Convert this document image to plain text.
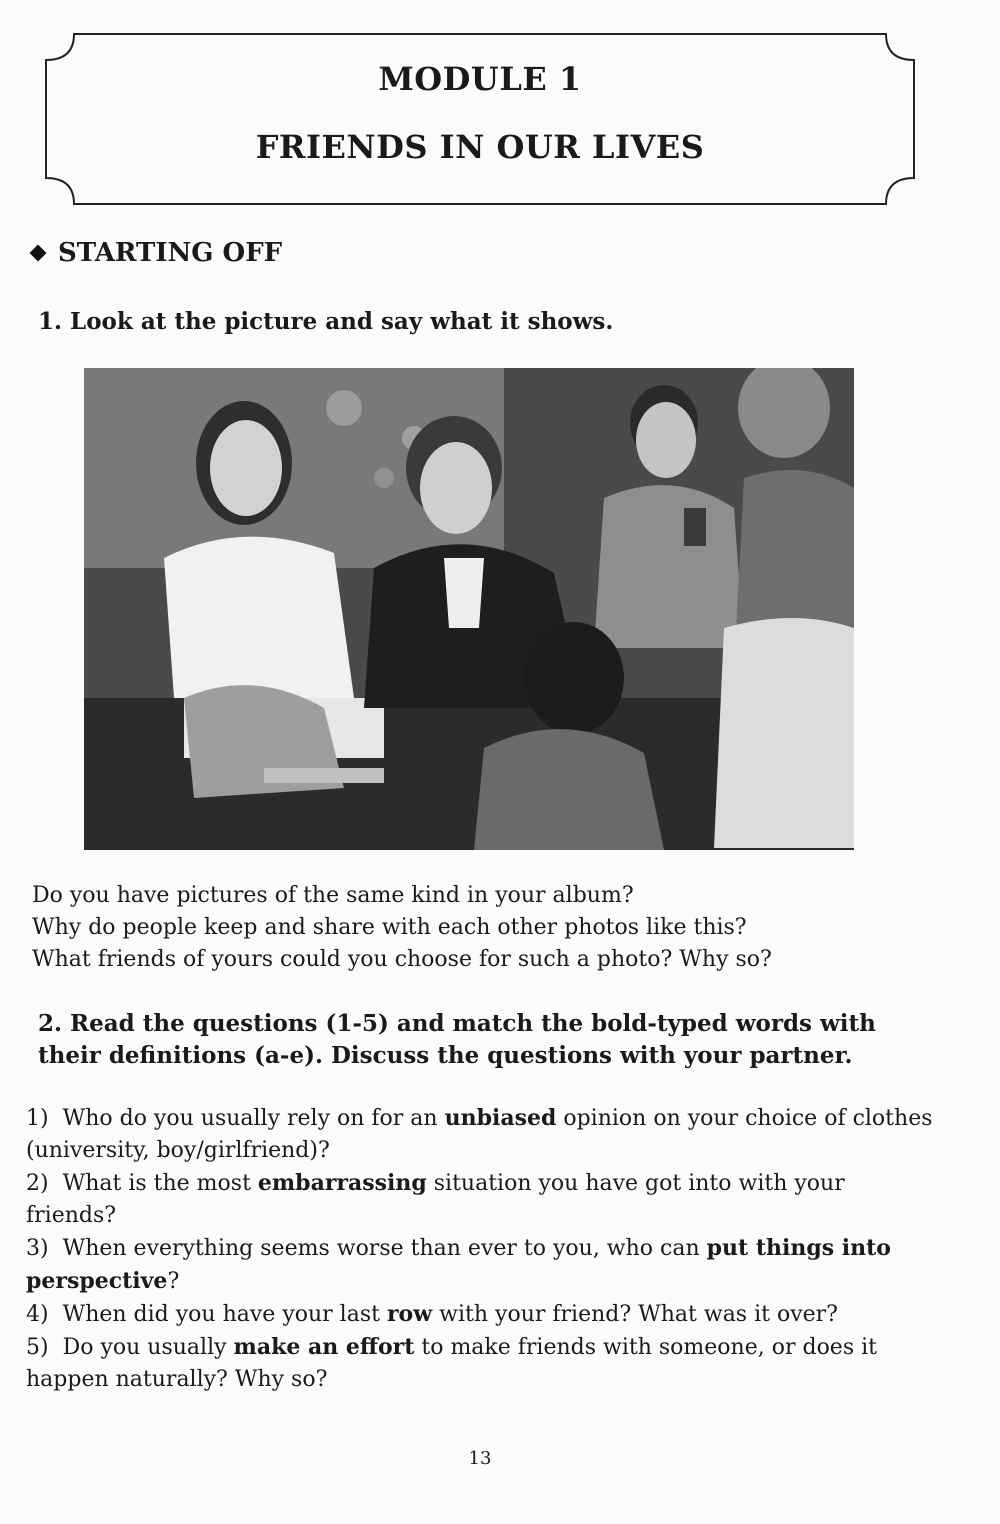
MODULE 1
FRIENDS IN OUR LIVES
STARTING OFF
1. Look at the picture and say what it shows.

Do you have pictures of the same kind in your album?

Why do people keep and share with each other photos like this?

What friends of yours could you choose for such a photo? Why so?

2. Read the questions (1-5) and match the bold-typed words with their definitions (a-e). Discuss the questions with your partner.

1) Who do you usually rely on for an unbiased opinion on your choice of clothes (university, boy/girlfriend)?

2) What is the most embarrassing situation you have got into with your friends?

3) When everything seems worse than ever to you, who can put things into perspective?

4) When did you have your last row with your friend? What was it over?

5) Do you usually make an effort to make friends with someone, or does it happen naturally? Why so?

13
